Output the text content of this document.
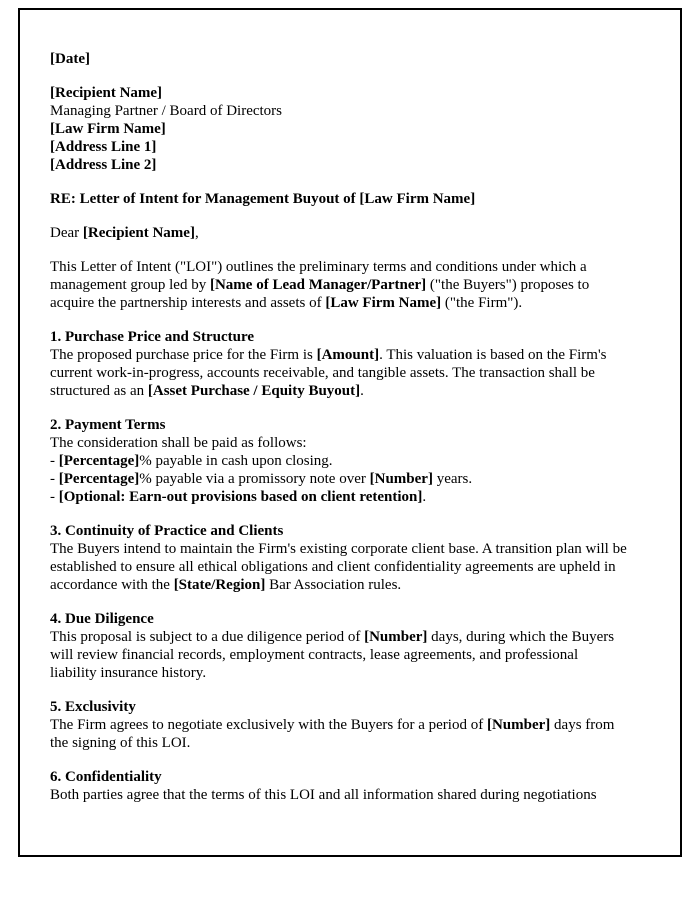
[Date]
[Recipient Name]
Managing Partner / Board of Directors
[Law Firm Name]
[Address Line 1]
[Address Line 2]
RE: Letter of Intent for Management Buyout of [Law Firm Name]
Dear [Recipient Name],
This Letter of Intent ("LOI") outlines the preliminary terms and conditions under which a management group led by [Name of Lead Manager/Partner] ("the Buyers") proposes to acquire the partnership interests and assets of [Law Firm Name] ("the Firm").
1. Purchase Price and Structure
The proposed purchase price for the Firm is [Amount]. This valuation is based on the Firm's current work-in-progress, accounts receivable, and tangible assets. The transaction shall be structured as an [Asset Purchase / Equity Buyout].
2. Payment Terms
The consideration shall be paid as follows:
- [Percentage]% payable in cash upon closing.
- [Percentage]% payable via a promissory note over [Number] years.
- [Optional: Earn-out provisions based on client retention].
3. Continuity of Practice and Clients
The Buyers intend to maintain the Firm's existing corporate client base. A transition plan will be established to ensure all ethical obligations and client confidentiality agreements are upheld in accordance with the [State/Region] Bar Association rules.
4. Due Diligence
This proposal is subject to a due diligence period of [Number] days, during which the Buyers will review financial records, employment contracts, lease agreements, and professional liability insurance history.
5. Exclusivity
The Firm agrees to negotiate exclusively with the Buyers for a period of [Number] days from the signing of this LOI.
6. Confidentiality
Both parties agree that the terms of this LOI and all information shared during negotiations
